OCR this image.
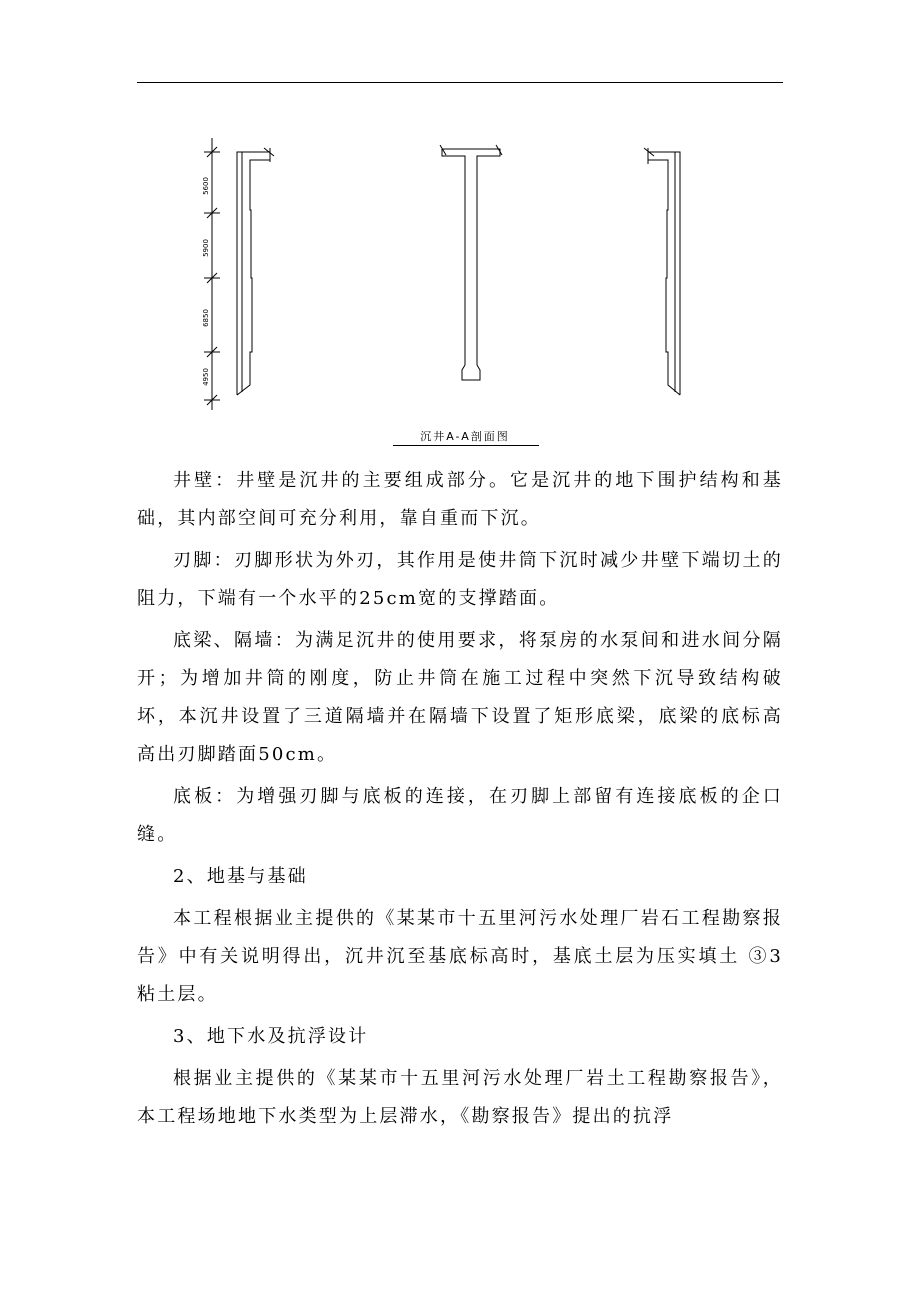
5600
5900
6850
4950
沉井A-A剖面图

井壁：井壁是沉井的主要组成部分。它是沉井的地下围护结构和基础，其内部空间可充分利用，靠自重而下沉。

刃脚：刃脚形状为外刃，其作用是使井筒下沉时减少井壁下端切土的阻力，下端有一个水平的25cm宽的支撑踏面。

底梁、隔墙：为满足沉井的使用要求，将泵房的水泵间和进水间分隔开；为增加井筒的刚度，防止井筒在施工过程中突然下沉导致结构破坏，本沉井设置了三道隔墙并在隔墙下设置了矩形底梁，底梁的底标高高出刃脚踏面50cm。

底板：为增强刃脚与底板的连接，在刃脚上部留有连接底板的企口缝。

2、地基与基础

本工程根据业主提供的《某某市十五里河污水处理厂岩石工程勘察报告》中有关说明得出，沉井沉至基底标高时，基底土层为压实填土 ③3 粘土层。

3、地下水及抗浮设计

根据业主提供的《某某市十五里河污水处理厂岩土工程勘察报告》，本工程场地地下水类型为上层滞水，《勘察报告》提出的抗浮
